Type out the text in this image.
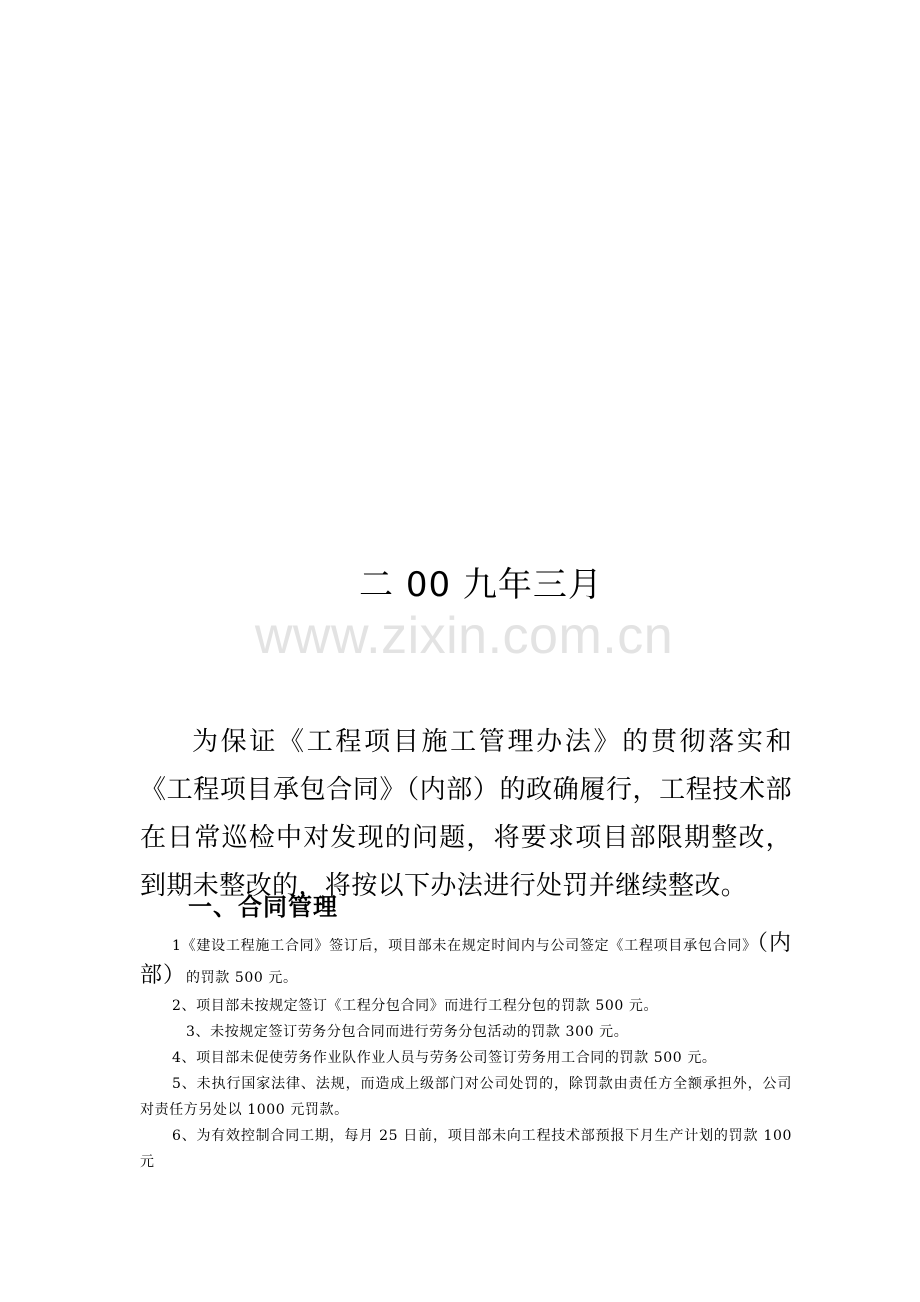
二 00 九年三月
www.zixin.com.cn

为保证《工程项目施工管理办法》的贯彻落实和《工程项目承包合同》（内部）的政确履行，工程技术部在日常巡检中对发现的问题，将要求项目部限期整改，到期未整改的，将按以下办法进行处罚并继续整改。

一、合同管理

1《建设工程施工合同》签订后，项目部未在规定时间内与公司签定《工程项目承包合同》（内部）的罚款 500 元。

2、项目部未按规定签订《工程分包合同》而进行工程分包的罚款 500 元。

3、未按规定签订劳务分包合同而进行劳务分包活动的罚款 300 元。

4、项目部未促使劳务作业队作业人员与劳务公司签订劳务用工合同的罚款 500 元。

5、未执行国家法律、法规，而造成上级部门对公司处罚的，除罚款由责任方全额承担外，公司对责任方另处以 1000 元罚款。

6、为有效控制合同工期，每月 25 日前，项目部未向工程技术部预报下月生产计划的罚款 100 元
